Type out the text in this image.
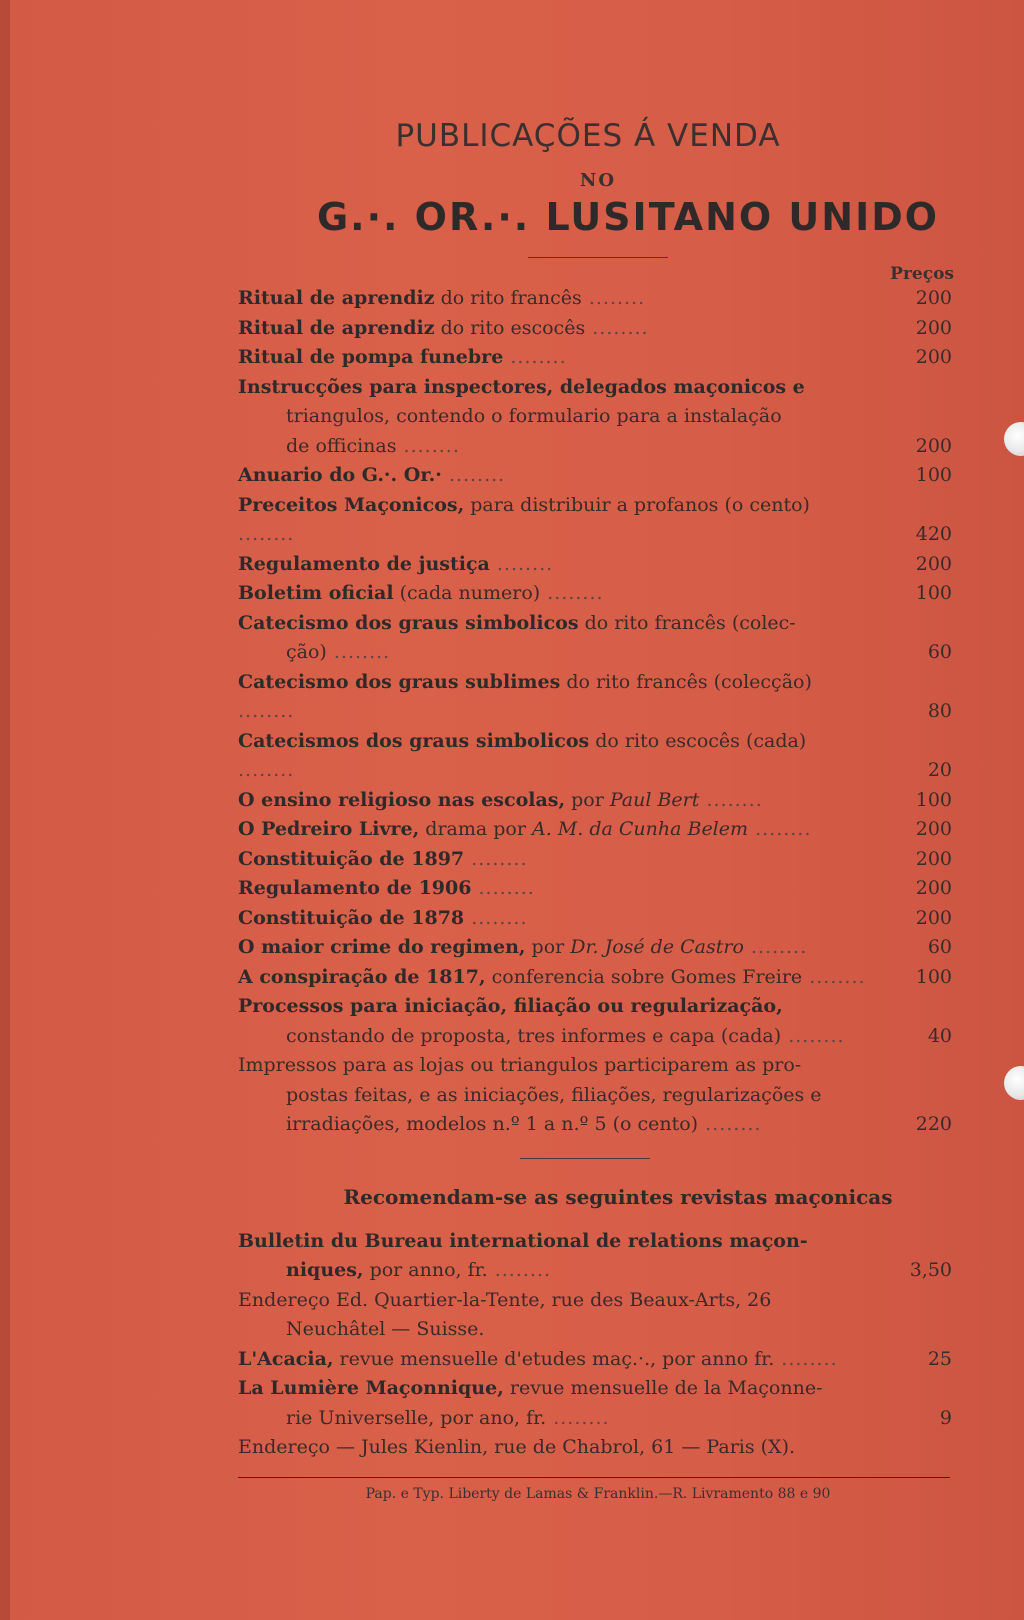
PUBLICAÇÕES Á VENDA
NO
G.·. OR.·. LUSITANO UNIDO
Preços
Ritual de aprendiz do rito francês ........	200
Ritual de aprendiz do rito escocês ........	200
Ritual de pompa funebre ........	200
Instrucções para inspectores, delegados maçonicos e
triangulos, contendo o formulario para a instalação
de officinas ........	200
Anuario do G.·. Or.· ........	100
Preceitos Maçonicos, para distribuir a profanos (o cento) ........	420
Regulamento de justiça ........	200
Boletim oficial (cada numero) ........	100
Catecismo dos graus simbolicos do rito francês (colec-
ção) ........	60
Catecismo dos graus sublimes do rito francês (colecção) ........	80
Catecismos dos graus simbolicos do rito escocês (cada) ........	20
O ensino religioso nas escolas, por Paul Bert ........	100
O Pedreiro Livre, drama por A. M. da Cunha Belem ........	200
Constituição de 1897 ........	200
Regulamento de 1906 ........	200
Constituição de 1878 ........	200
O maior crime do regimen, por Dr. José de Castro ........	60
A conspiração de 1817, conferencia sobre Gomes Freire ........	100
Processos para iniciação, filiação ou regularização,
constando de proposta, tres informes e capa (cada) ........	40
Impressos para as lojas ou triangulos participarem as pro-
postas feitas, e as iniciações, filiações, regularizações e
irradiações, modelos n.º 1 a n.º 5 (o cento) ........	220
Recomendam-se as seguintes revistas maçonicas
Bulletin du Bureau international de relations maçon-
niques, por anno, fr. ........	3,50
Endereço Ed. Quartier-la-Tente, rue des Beaux-Arts, 26
Neuchâtel — Suisse.
L'Acacia, revue mensuelle d'etudes maç.·., por anno fr. ........	25
La Lumière Maçonnique, revue mensuelle de la Maçonne-
rie Universelle, por ano, fr. ........	9
Endereço — Jules Kienlin, rue de Chabrol, 61 — Paris (X).
Pap. e Typ. Liberty de Lamas & Franklin.—R. Livramento 88 e 90
